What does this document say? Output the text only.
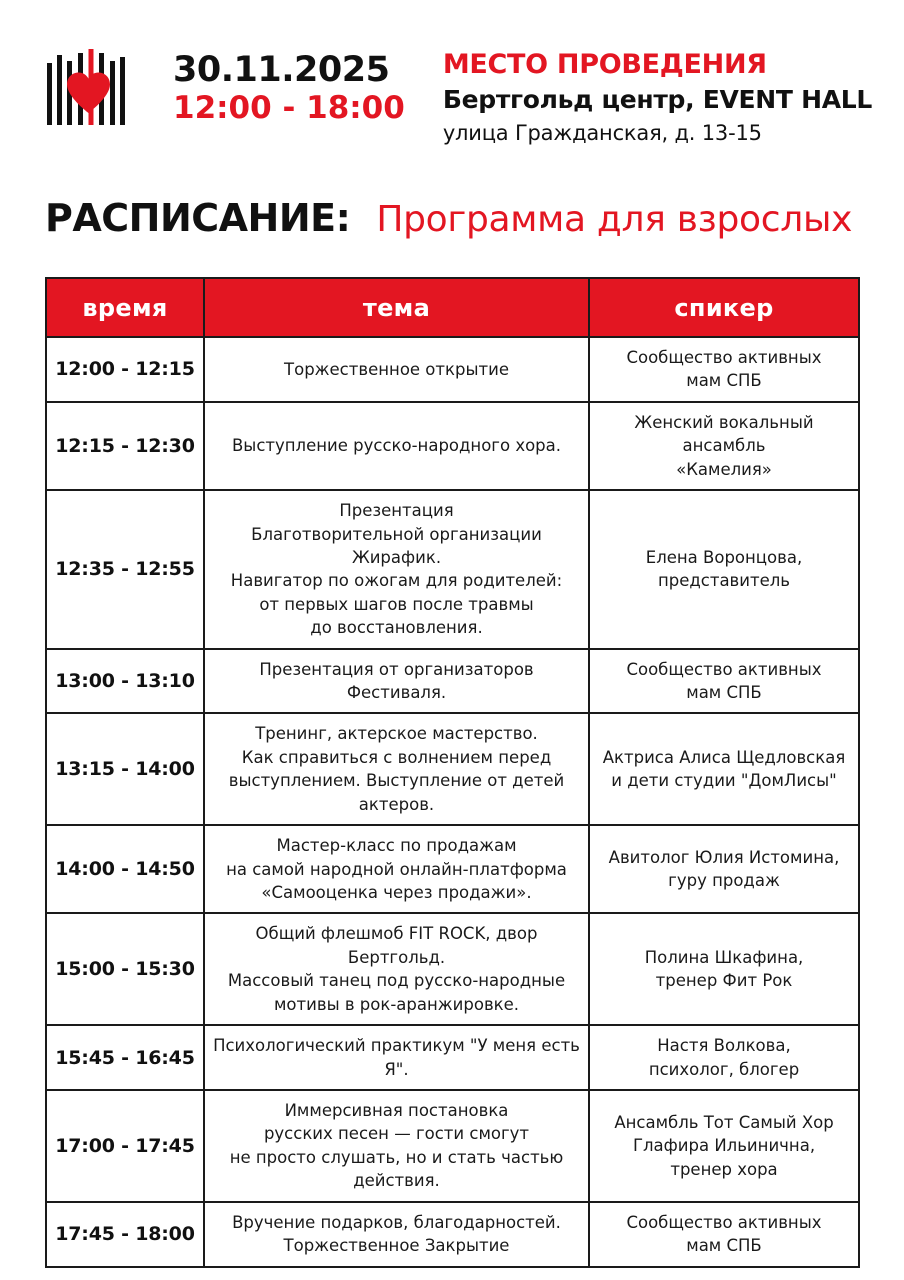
30.11.2025
12:00 - 18:00
МЕСТО ПРОВЕДЕНИЯ
Бертгольд центр, EVENT HALL
улица Гражданская, д. 13-15
РАСПИСАНИЕ: Программа для взрослых
время	тема	спикер
12:00 - 12:15	Торжественное открытие	Сообщество активных
мам СПБ

12:15 - 12:30	Выступление русско-народного хора.	Женский вокальный ансамбль
«Камелия»

12:35 - 12:55	Презентация
Благотворительной организации Жирафик.
Навигатор по ожогам для родителей:
от первых шагов после травмы
до восстановления.	Елена Воронцова,
представитель

13:00 - 13:10	Презентация от организаторов Фестиваля.	Сообщество активных
мам СПБ

13:15 - 14:00	Тренинг, актерское мастерство.
Как справиться с волнением перед
выступлением. Выступление от детей актеров.	Актриса Алиса Щедловская
и дети студии "ДомЛисы"

14:00 - 14:50	Мастер-класс по продажам
на самой народной онлайн-платформа
«Самооценка через продажи».	Авитолог Юлия Истомина,
гуру продаж

15:00 - 15:30	Общий флешмоб FIT ROCK, двор Бертгольд.
Массовый танец под русско-народные
мотивы в рок-аранжировке.	Полина Шкафина,
тренер Фит Рок

15:45 - 16:45	Психологический практикум "У меня есть Я".	Настя Волкова,
психолог, блогер

17:00 - 17:45	Иммерсивная постановка
русских песен — гости смогут
не просто слушать, но и стать частью действия.	Ансамбль Тот Самый Хор
Глафира Ильинична,
тренер хора

17:45 - 18:00	Вручение подарков, благодарностей.
Торжественное Закрытие	Сообщество активных
мам СПБ
